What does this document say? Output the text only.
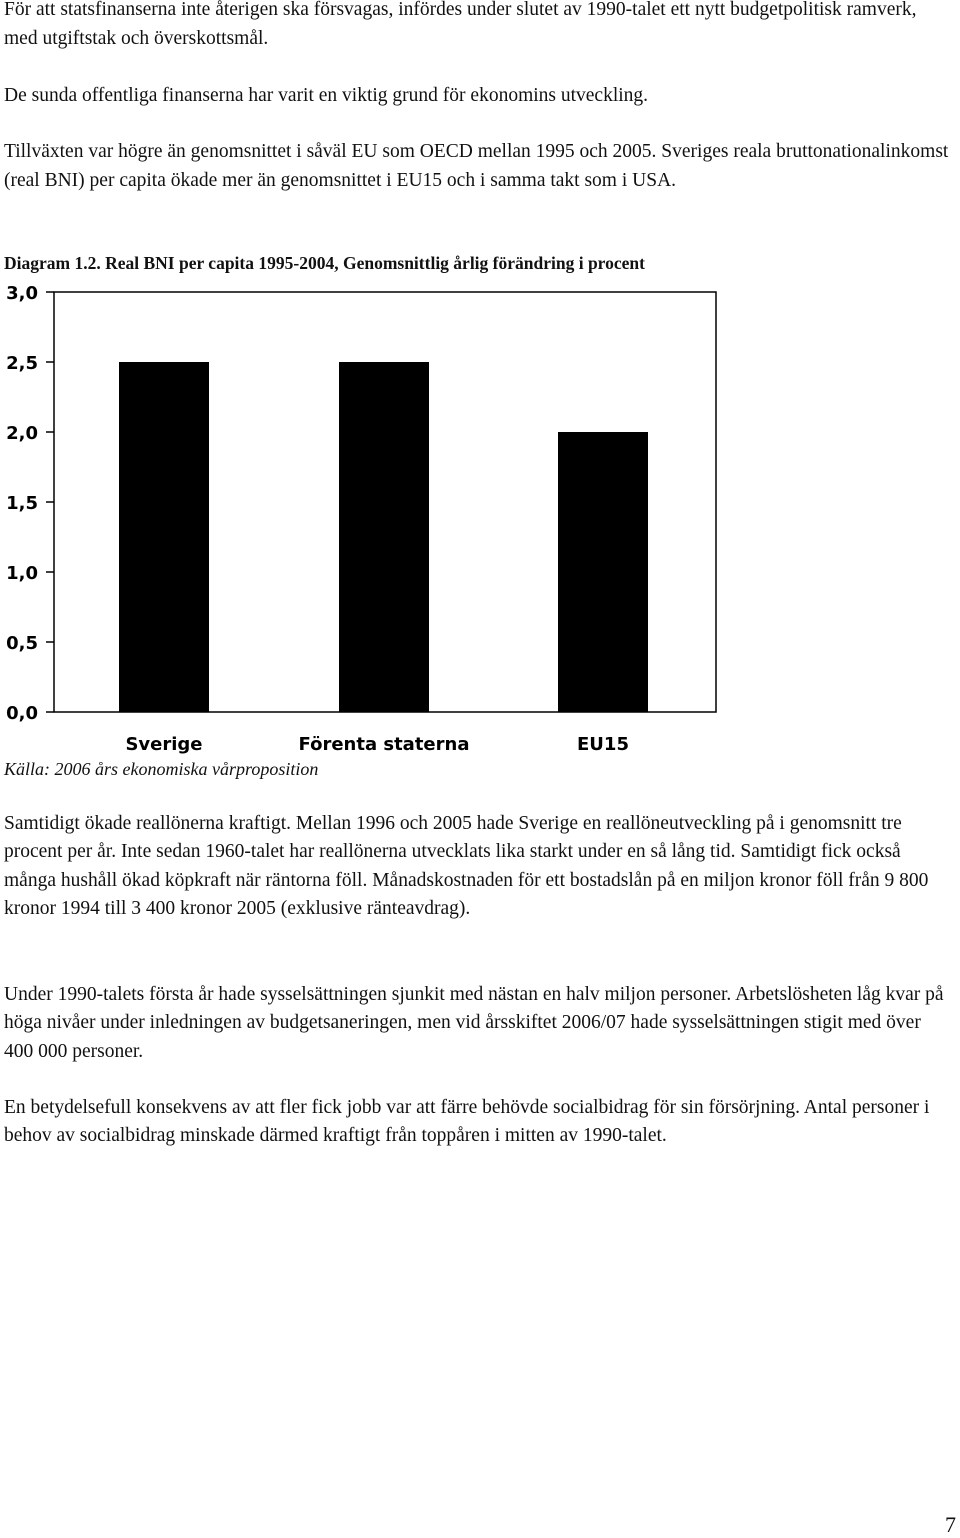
För att statsfinanserna inte återigen ska försvagas, infördes under slutet av 1990-talet ett nytt budgetpolitisk ramverk, med utgiftstak och överskottsmål.

De sunda offentliga finanserna har varit en viktig grund för ekonomins utveckling.

Tillväxten var högre än genomsnittet i såväl EU som OECD mellan 1995 och 2005. Sveriges reala bruttonationalinkomst (real BNI) per capita ökade mer än genomsnittet i EU15 och i samma takt som i USA.

Diagram 1.2. Real BNI per capita 1995-2004, Genomsnittlig årlig förändring i procent

3,0
2,5
2,0
1,5
1,0
0,5
0,0
Sverige	Förenta staterna	EU15

Källa: 2006 års ekonomiska vårproposition

Samtidigt ökade reallönerna kraftigt. Mellan 1996 och 2005 hade Sverige en reallöneutveckling på i genomsnitt tre procent per år. Inte sedan 1960-talet har reallönerna utvecklats lika starkt under en så lång tid. Samtidigt fick också många hushåll ökad köpkraft när räntorna föll. Månadskostnaden för ett bostadslån på en miljon kronor föll från 9 800 kronor 1994 till 3 400 kronor 2005 (exklusive ränteavdrag).

Under 1990-talets första år hade sysselsättningen sjunkit med nästan en halv miljon personer. Arbetslösheten låg kvar på höga nivåer under inledningen av budgetsaneringen, men vid årsskiftet 2006/07 hade sysselsättningen stigit med över 400 000 personer.

En betydelsefull konsekvens av att fler fick jobb var att färre behövde socialbidrag för sin försörjning. Antal personer i behov av socialbidrag minskade därmed kraftigt från toppåren i mitten av 1990-talet.

7
